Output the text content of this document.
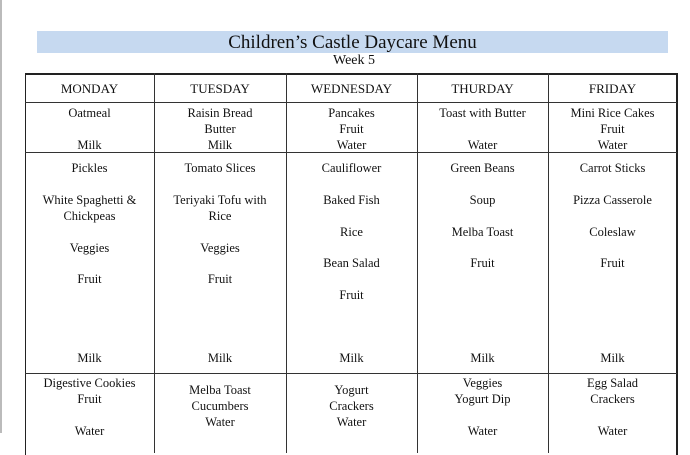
Children’s Castle Daycare Menu
Week 5
MONDAY
Oatmeal
Milk
Pickles
White Spaghetti &
Chickpeas
Veggies
Fruit
Milk
Digestive Cookies
Fruit
Water
TUESDAY
Raisin Bread
Butter
Milk
Tomato Slices
Teriyaki Tofu with
Rice
Veggies
Fruit
Milk
Melba Toast
Cucumbers
Water
WEDNESDAY
Pancakes
Fruit
Water
Cauliflower
Baked Fish
Rice
Bean Salad
Fruit
Milk
Yogurt
Crackers
Water
THURDAY
Toast with Butter
Water
Green Beans
Soup
Melba Toast
Fruit
Milk
Veggies
Yogurt Dip
Water
FRIDAY
Mini Rice Cakes
Fruit
Water
Carrot Sticks
Pizza Casserole
Coleslaw
Fruit
Milk
Egg Salad
Crackers
Water
